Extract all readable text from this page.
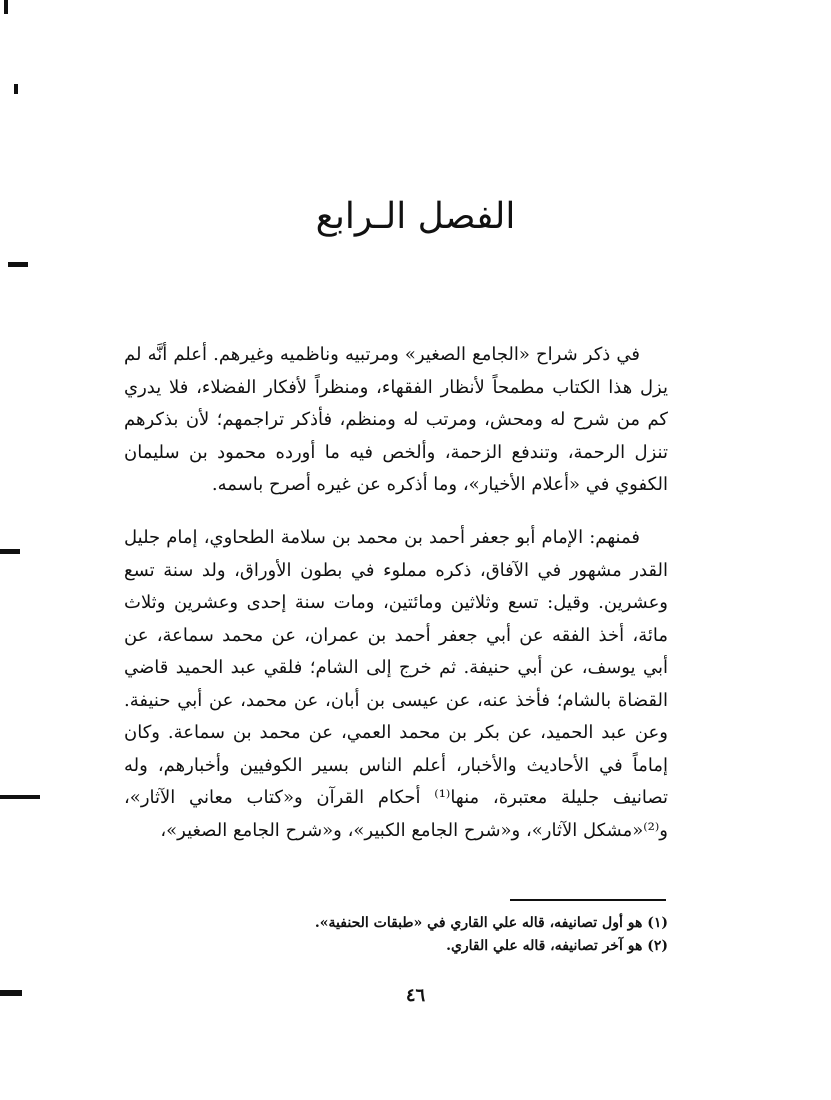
الفصل الـرابع

في ذكر شراح «الجامع الصغير» ومرتبيه وناظميه وغيرهم. أعلم أنَّه لم يزل هذا الكتاب مطمحاً لأنظار الفقهاء، ومنظراً لأفكار الفضلاء، فلا يدري كم من شرح له ومحش، ومرتب له ومنظم، فأذكر تراجمهم؛ لأن بذكرهم تنزل الرحمة، وتندفع الزحمة، وألخص فيه ما أورده محمود بن سليمان الكفوي في «أعلام الأخيار»، وما أذكره عن غيره أصرح باسمه.

فمنهم: الإمام أبو جعفر أحمد بن محمد بن سلامة الطحاوي، إمام جليل القدر مشهور في الآفاق، ذكره مملوء في بطون الأوراق، ولد سنة تسع وعشرين. وقيل: تسع وثلاثين ومائتين، ومات سنة إحدى وعشرين وثلاث مائة، أخذ الفقه عن أبي جعفر أحمد بن عمران، عن محمد سماعة، عن أبي يوسف، عن أبي حنيفة. ثم خرج إلى الشام؛ فلقي عبد الحميد قاضي القضاة بالشام؛ فأخذ عنه، عن عيسى بن أبان، عن محمد، عن أبي حنيفة. وعن عبد الحميد، عن بكر بن محمد العمي، عن محمد بن سماعة. وكان إماماً في الأحاديث والأخبار، أعلم الناس بسير الكوفيين وأخبارهم، وله تصانيف جليلة معتبرة، منها⁽¹⁾ أحكام القرآن و«كتاب معاني الآثار»، و⁽²⁾«مشكل الآثار»، و«شرح الجامع الكبير»، و«شرح الجامع الصغير»،

(١) هو أول تصانيفه، قاله علي القاري في «طبقات الحنفية».
(٢) هو آخر تصانيفه، قاله علي القاري.
٤٦
